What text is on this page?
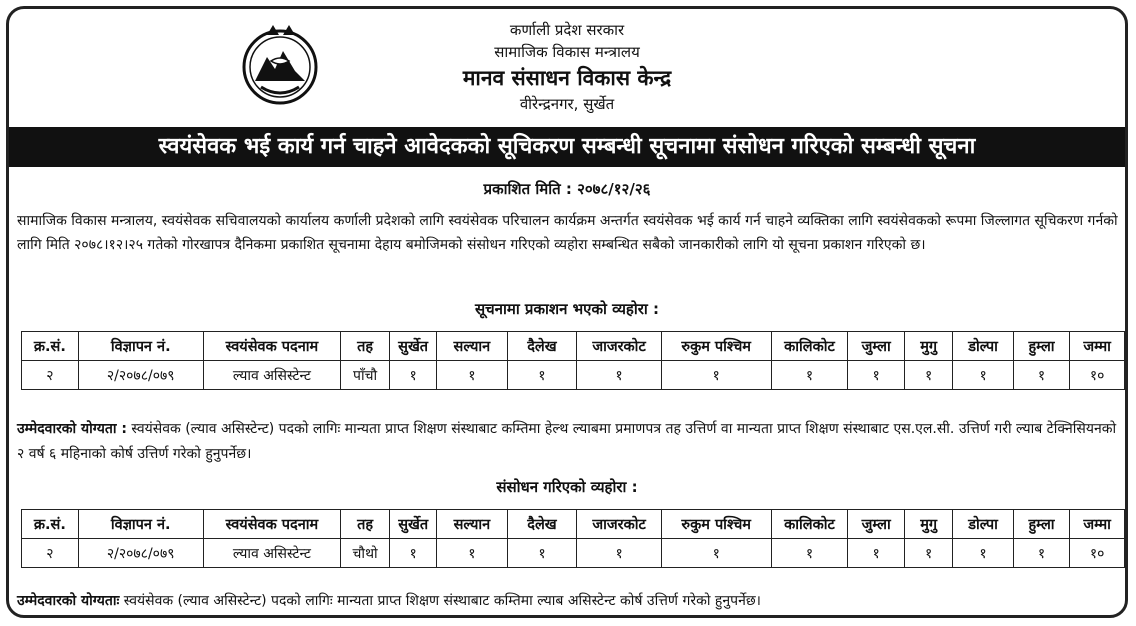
कर्णाली प्रदेश सरकार
सामाजिक विकास मन्त्रालय
मानव संसाधन विकास केन्द्र
वीरेन्द्रनगर, सुर्खेत
स्वयंसेवक भई कार्य गर्न चाहने आवेदकको सूचिकरण सम्बन्धी सूचनामा संसोधन गरिएको सम्बन्धी सूचना
प्रकाशित मिति : २०७८/१२/२६
सामाजिक विकास मन्त्रालय, स्वयंसेवक सचिवालयको कार्यालय कर्णाली प्रदेशको लागि स्वयंसेवक परिचालन कार्यक्रम अन्तर्गत स्वयंसेवक भई कार्य गर्न चाहने व्यक्तिका लागि स्वयंसेवकको रूपमा जिल्लागत सूचिकरण गर्नको लागि मिति २०७८।१२।२५ गतेको गोरखापत्र दैनिकमा प्रकाशित सूचनामा देहाय बमोजिमको संसोधन गरिएको व्यहोरा सम्बन्धित सबैको जानकारीको लागि यो सूचना प्रकाशन गरिएको छ।
सूचनामा प्रकाशन भएको व्यहोरा :
क्र.सं.	विज्ञापन नं.	स्वयंसेवक पदनाम	तह	सुर्खेत	सल्यान	दैलेख	जाजरकोट	रुकुम पश्चिम	कालिकोट	जुम्ला	मुगु	डोल्पा	हुम्ला	जम्मा
२	२/२०७८/०७९	ल्याव असिस्टेन्ट	पाँचौ	१	१	१	१	१	१	१	१	१	१	१०
उम्मेदवारको योग्यता : स्वयंसेवक (ल्याव असिस्टेन्ट) पदको लागिः मान्यता प्राप्त शिक्षण संस्थाबाट कम्तिमा हेल्थ ल्याबमा प्रमाणपत्र तह उत्तिर्ण वा मान्यता प्राप्त शिक्षण संस्थाबाट एस.एल.सी. उत्तिर्ण गरी ल्याब टेक्निसियनको २ वर्ष ६ महिनाको कोर्ष उत्तिर्ण गरेको हुनुपर्नेछ।
संसोधन गरिएको व्यहोरा :
क्र.सं.	विज्ञापन नं.	स्वयंसेवक पदनाम	तह	सुर्खेत	सल्यान	दैलेख	जाजरकोट	रुकुम पश्चिम	कालिकोट	जुम्ला	मुगु	डोल्पा	हुम्ला	जम्मा
२	२/२०७८/०७९	ल्याव असिस्टेन्ट	चौथो	१	१	१	१	१	१	१	१	१	१	१०
उम्मेदवारको योग्यताः स्वयंसेवक (ल्याव असिस्टेन्ट) पदको लागिः मान्यता प्राप्त शिक्षण संस्थाबाट कम्तिमा ल्याब असिस्टेन्ट कोर्ष उत्तिर्ण गरेको हुनुपर्नेछ।
